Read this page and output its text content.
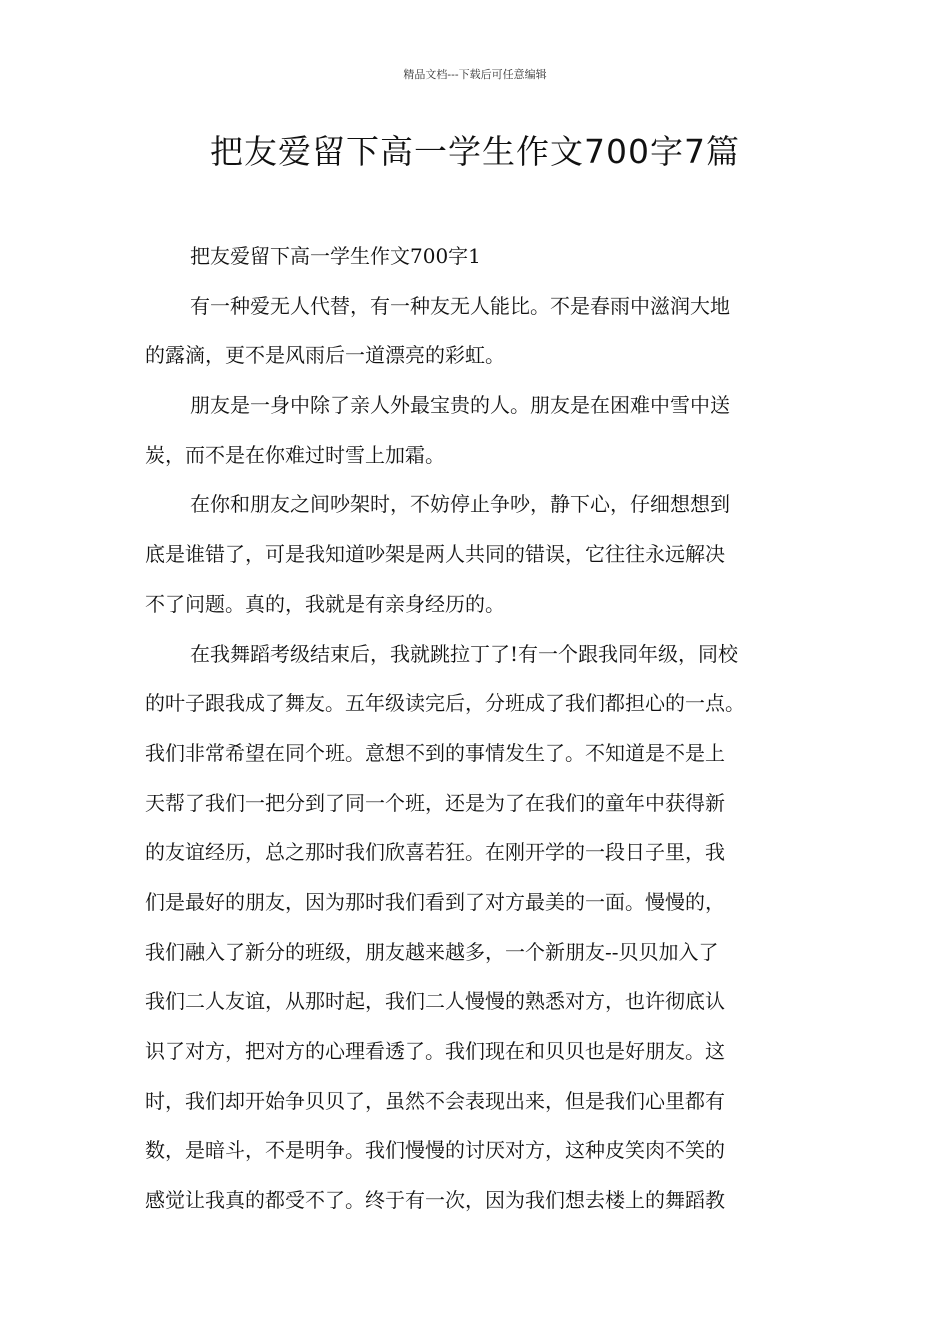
精品文档---下载后可任意编辑
把友爱留下高一学生作文700字7篇
把友爱留下高一学生作文700字1
有一种爱无人代替，有一种友无人能比。不是春雨中滋润大地
的露滴，更不是风雨后一道漂亮的彩虹。
朋友是一身中除了亲人外最宝贵的人。朋友是在困难中雪中送
炭，而不是在你难过时雪上加霜。
在你和朋友之间吵架时，不妨停止争吵，静下心，仔细想想到
底是谁错了，可是我知道吵架是两人共同的错误，它往往永远解决
不了问题。真的，我就是有亲身经历的。
在我舞蹈考级结束后，我就跳拉丁了!有一个跟我同年级，同校
的叶子跟我成了舞友。五年级读完后，分班成了我们都担心的一点。
我们非常希望在同个班。意想不到的事情发生了。不知道是不是上
天帮了我们一把分到了同一个班，还是为了在我们的童年中获得新
的友谊经历，总之那时我们欣喜若狂。在刚开学的一段日子里，我
们是最好的朋友，因为那时我们看到了对方最美的一面。慢慢的，
我们融入了新分的班级，朋友越来越多，一个新朋友--贝贝加入了
我们二人友谊，从那时起，我们二人慢慢的熟悉对方，也许彻底认
识了对方，把对方的心理看透了。我们现在和贝贝也是好朋友。这
时，我们却开始争贝贝了，虽然不会表现出来，但是我们心里都有
数，是暗斗，不是明争。我们慢慢的讨厌对方，这种皮笑肉不笑的
感觉让我真的都受不了。终于有一次，因为我们想去楼上的舞蹈教
